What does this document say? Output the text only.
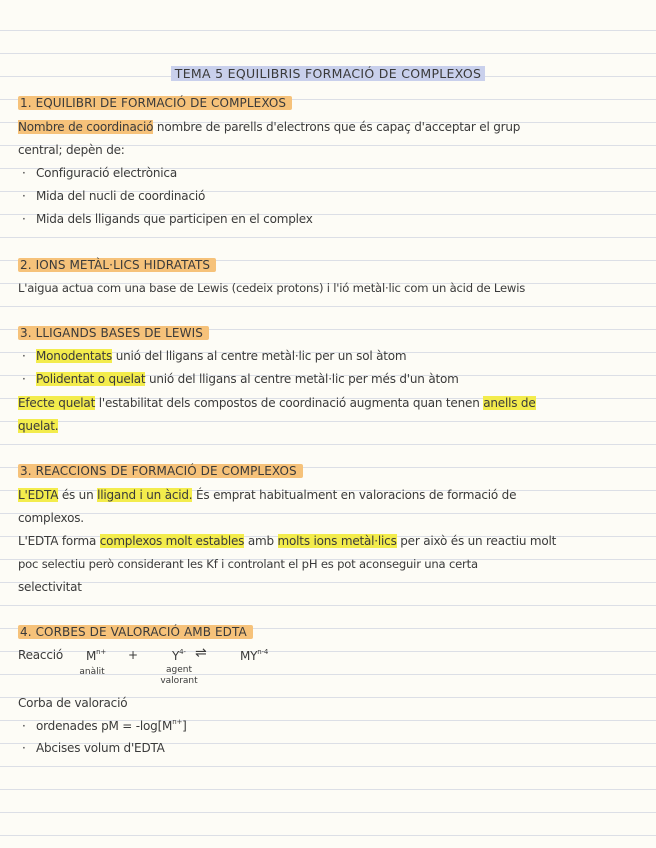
TEMA 5 EQUILIBRIS FORMACIÓ DE COMPLEXOS
1. EQUILIBRI DE FORMACIÓ DE COMPLEXOS
Nombre de coordinació nombre de parells d'electrons que és capaç d'acceptar el grup
central; depèn de:
· Configuració electrònica
· Mida del nucli de coordinació
· Mida dels lligands que participen en el complex
2. IONS METÀL·LICS HIDRATATS
L'aigua actua com una base de Lewis (cedeix protons) i l'ió metàl·lic com un àcid de Lewis
3. LLIGANDS BASES DE LEWIS
· Monodentats unió del lligans al centre metàl·lic per un sol àtom
· Polidentat o quelat unió del lligans al centre metàl·lic per més d'un àtom
Efecte quelat l'estabilitat dels compostos de coordinació augmenta quan tenen anells de
quelat.
3. REACCIONS DE FORMACIÓ DE COMPLEXOS
L'EDTA és un lligand i un àcid. És emprat habitualment en valoracions de formació de
complexos.
L'EDTA forma complexos molt estables amb molts ions metàl·lics per això és un reactiu molt
poc selectiu però considerant les Kf i controlant el pH es pot aconseguir una certa
selectivitat
4. CORBES DE VALORACIÓ AMB EDTA
Reacció $M^{n+}$ +	$Y^{4-}$ ⇌	MY$^{n-4}$
anàlit	agent
valorant
Corba de valoració
· ordenades pM = $-\log[M^{n+}]$
· Abcises volum d'EDTA
